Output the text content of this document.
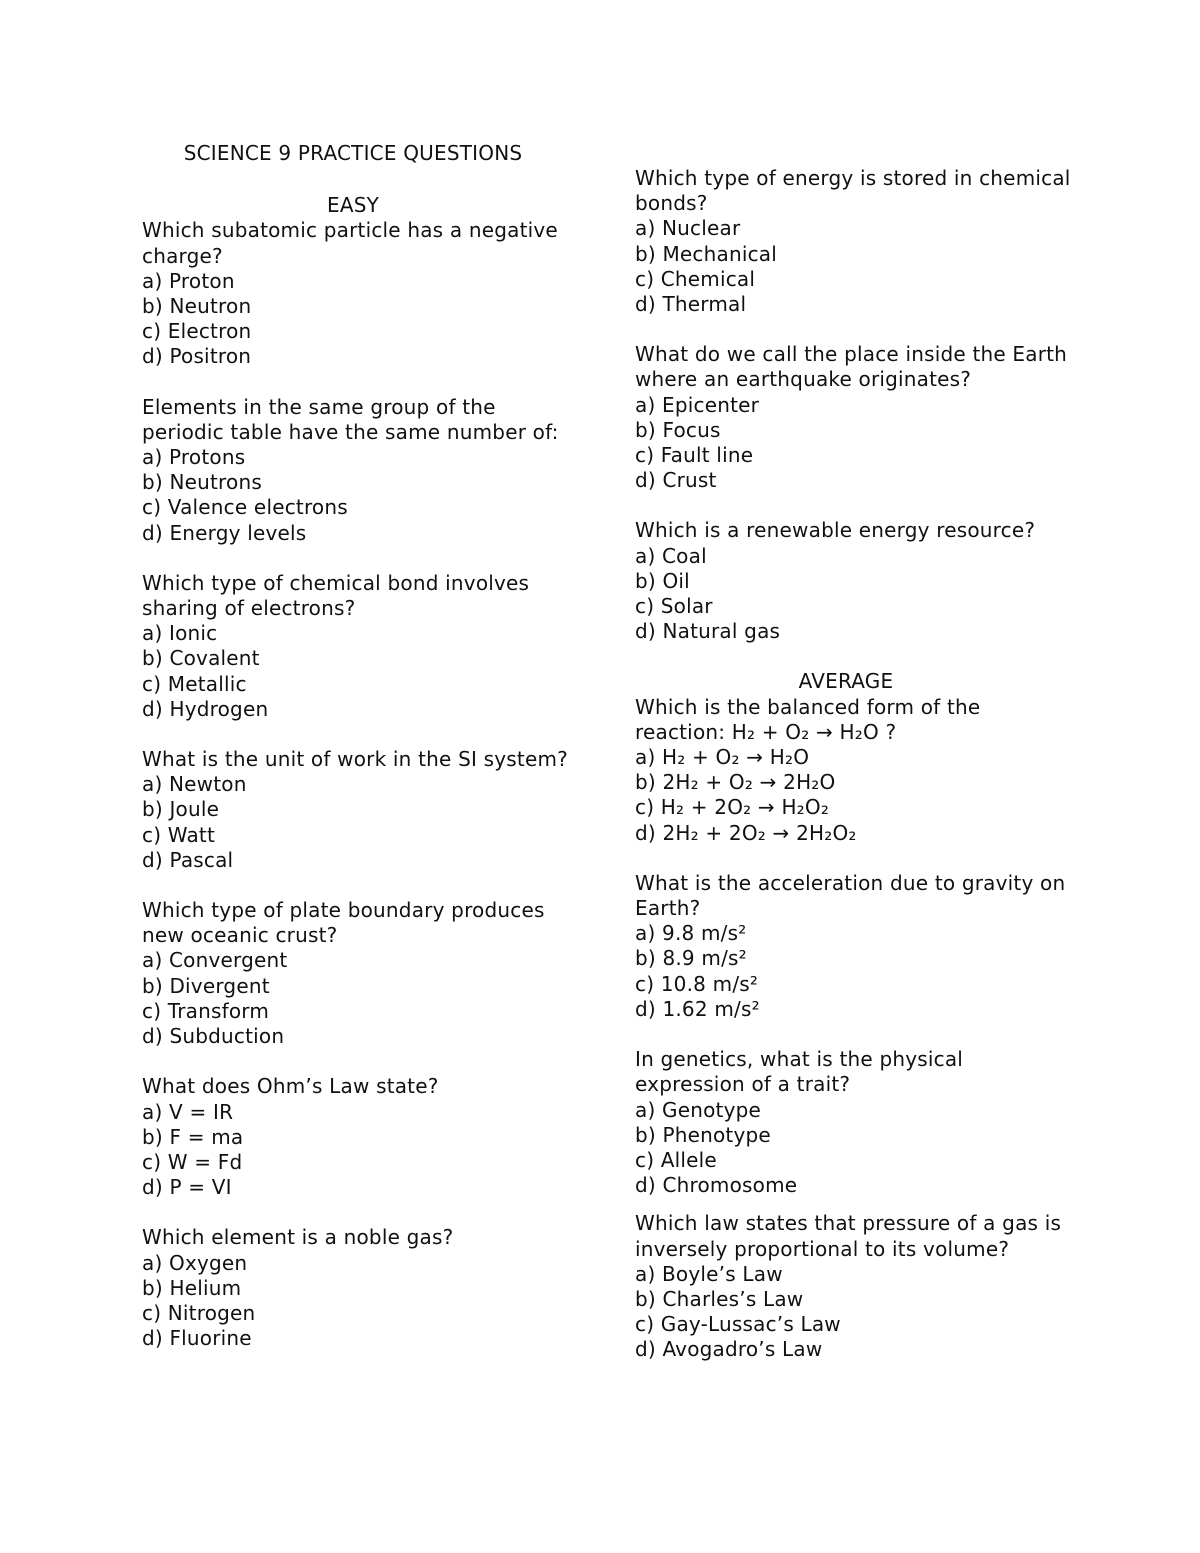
SCIENCE 9 PRACTICE QUESTIONS
EASY

Which subatomic particle has a negative charge?

a) Proton

b) Neutron

c) Electron

d) Positron

Elements in the same group of the periodic table have the same number of:

a) Protons

b) Neutrons

c) Valence electrons

d) Energy levels

Which type of chemical bond involves sharing of electrons?

a) Ionic

b) Covalent

c) Metallic

d) Hydrogen

What is the unit of work in the SI system?

a) Newton

b) Joule

c) Watt

d) Pascal

Which type of plate boundary produces new oceanic crust?

a) Convergent

b) Divergent

c) Transform

d) Subduction

What does Ohm’s Law state?

a) V = IR

b) F = ma

c) W = Fd

d) P = VI

Which element is a noble gas?

a) Oxygen

b) Helium

c) Nitrogen

d) Fluorine

Which type of energy is stored in chemical bonds?

a) Nuclear

b) Mechanical

c) Chemical

d) Thermal

What do we call the place inside the Earth where an earthquake originates?

a) Epicenter

b) Focus

c) Fault line

d) Crust

Which is a renewable energy resource?

a) Coal

b) Oil

c) Solar

d) Natural gas

AVERAGE

Which is the balanced form of the reaction: H₂ + O₂ → H₂O ?

a) H₂ + O₂ → H₂O

b) 2H₂ + O₂ → 2H₂O

c) H₂ + 2O₂ → H₂O₂

d) 2H₂ + 2O₂ → 2H₂O₂

What is the acceleration due to gravity on Earth?

a) 9.8 m/s²

b) 8.9 m/s²

c) 10.8 m/s²

d) 1.62 m/s²

In genetics, what is the physical expression of a trait?

a) Genotype

b) Phenotype

c) Allele

d) Chromosome

Which law states that pressure of a gas is inversely proportional to its volume?

a) Boyle’s Law

b) Charles’s Law

c) Gay-Lussac’s Law

d) Avogadro’s Law
